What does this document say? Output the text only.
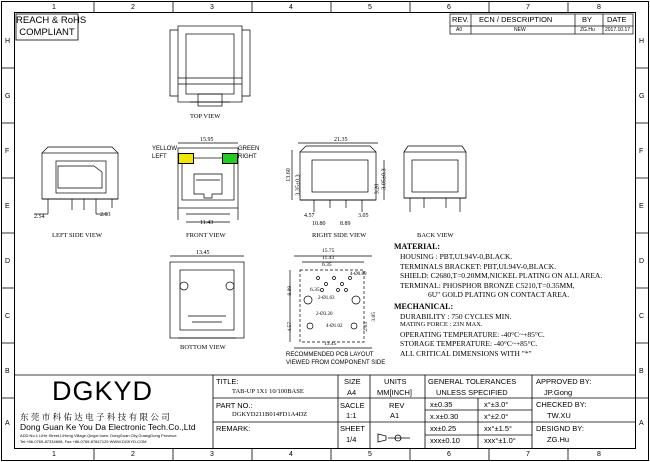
1	2	3	4	5	6	7	8
1	2	3	4	5	6	7	8
H
G
F
E
D
C
B
A
H
G
F
E
D
C
B
A
REACH & RoHS
COMPLIANT
REV. ECN / DESCRIPTION	BY DATE
A0	NEW	ZG.Hu 2017.10.17
TOP VIEW
LEFT SIDE VIEW	FRONT VIEW	RIGHT SIDE VIEW	BACK VIEW
BOTTOM VIEW
RECOMMENDED PCB LAYOUT
VIEWED FROM COMPONENT SIDE
YELLOW
LEFT
GREEN
RIGHT
15.95
11.43
2.54	2.03
21.35
13.60 3.35±0.3	3.20 3.05±0.3
4.57	3.05
10.80 8.89
13.45	15.75
11.43
6.35
4-Ø0.89
2-Ø1.63
2-Ø3.20
4-Ø1.02
8.89	6.35
4.57	2.03
3.05
13.45
MATERIAL:
HOUSING : PBT,UL94V-0,BLACK.
TERMINALS BRACKET: PBT,UL94V-0,BLACK.
SHIELD: C2680,T=0.20MM,NICKEL PLATING ON ALL AREA.
TERMINAL: PHOSPHOR BRONZE C5210,T=0.35MM,
6U" GOLD PLATING ON CONTACT AREA.
MECHANICAL:
DURABILITY : 750 CYCLES MIN.
MATING FORCE : 23N MAX.
OPERATING TEMPERATURE: -40°C~+85°C.
STORAGE TEMPERATURE: -40°C~+85°C.
ALL CRITICAL DIMENSIONS WITH "*"
DGKYD
东 莞 市 科 佑 达 电 子 科 技 有 限 公 司
Dong Guan Ke You Da Electronic Tech.Co.,Ltd
ADD:No.1 LiHe Street,LiHeng Village,Qingxi town, DongGuan City,GuangDong Province
Tel:+86-0769-87334608, Fax:+86-0769-87847129 WWW.DGKYD.COM
TITLE:
TAB-UP 1X1 10/100BASE
PART NO.:
DGKYD211B014FD1A4DZ
REMARK:
SIZE
A4
SACLE
1:1
SHEET
1/4
UNITS
MM[INCH]
REV
A1
GENERAL TOLERANCES
UNLESS SPECIFIED
x±0.35	x°±3.0°
x.x±0.30	x°±2.0°
xx±0.25	xx°±1.5°
xxx±0.10	xxx°±1.0°
APPROVED BY:
JP.Gong
CHECKED BY:
TW.XU
DESIGND BY:
ZG.Hu
